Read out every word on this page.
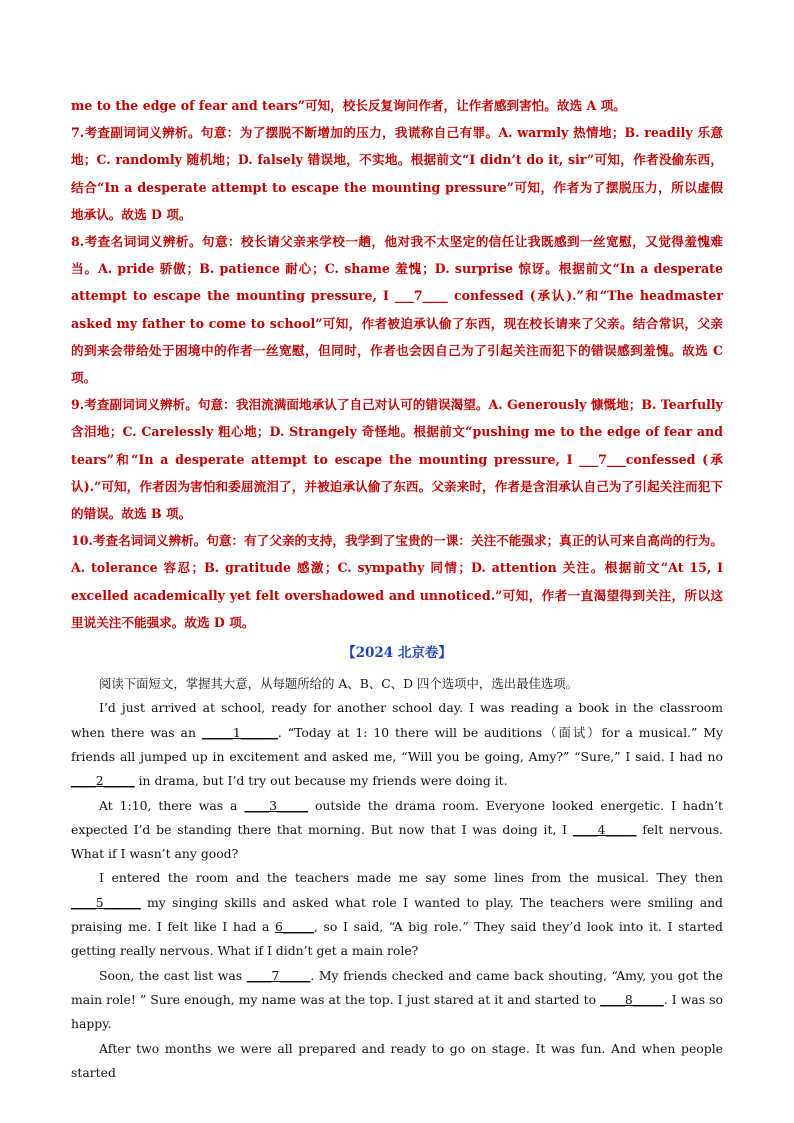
me to the edge of fear and tears”可知，校长反复询问作者，让作者感到害怕。故选 A 项。

7.考查副词词义辨析。句意：为了摆脱不断增加的压力，我谎称自己有罪。A. warmly 热情地；B. readily 乐意地；C. randomly 随机地；D. falsely 错误地，不实地。根据前文“I didn’t do it, sir”可知，作者没偷东西，结合“In a desperate attempt to escape the mounting pressure”可知，作者为了摆脱压力，所以虚假地承认。故选 D 项。

8.考查名词词义辨析。句意：校长请父亲来学校一趟，他对我不太坚定的信任让我既感到一丝宽慰，又觉得羞愧难当。A. pride 骄傲；B. patience 耐心；C. shame 羞愧；D. surprise 惊讶。根据前文“In a desperate attempt to escape the mounting pressure, I ___7____ confessed (承认).”和“The headmaster asked my father to come to school”可知，作者被迫承认偷了东西，现在校长请来了父亲。结合常识，父亲的到来会带给处于困境中的作者一丝宽慰，但同时，作者也会因自己为了引起关注而犯下的错误感到羞愧。故选 C 项。

9.考查副词词义辨析。句意：我泪流满面地承认了自己对认可的错误渴望。A. Generously 慷慨地；B. Tearfully 含泪地；C. Carelessly 粗心地；D. Strangely 奇怪地。根据前文“pushing me to the edge of fear and tears”和“In a desperate attempt to escape the mounting pressure, I ___7___confessed (承认).”可知，作者因为害怕和委屈流泪了，并被迫承认偷了东西。父亲来时，作者是含泪承认自己为了引起关注而犯下的错误。故选 B 项。

10.考查名词词义辨析。句意：有了父亲的支持，我学到了宝贵的一课：关注不能强求；真正的认可来自高尚的行为。A. tolerance 容忍；B. gratitude 感激；C. sympathy 同情；D. attention 关注。根据前文“At 15, I excelled academically yet felt overshadowed and unnoticed.”可知，作者一直渴望得到关注，所以这里说关注不能强求。故选 D 项。

【2024 北京卷】

阅读下面短文，掌握其大意，从每题所给的 A、B、C、D 四个选项中，选出最佳选项。

I’d just arrived at school, ready for another school day. I was reading a book in the classroom when there was an _____1______. “Today at 1: 10 there will be auditions（面试）for a musical.” My friends all jumped up in excitement and asked me, “Will you be going, Amy?” “Sure,” I said. I had no ____2_____ in drama, but I’d try out because my friends were doing it.

At 1:10, there was a ____3_____ outside the drama room. Everyone looked energetic. I hadn’t expected I’d be standing there that morning. But now that I was doing it, I ____4_____ felt nervous. What if I wasn’t any good?

I entered the room and the teachers made me say some lines from the musical. They then ____5______ my singing skills and asked what role I wanted to play. The teachers were smiling and praising me. I felt like I had a 6_____, so I said, “A big role.” They said they’d look into it. I started getting really nervous. What if I didn’t get a main role?

Soon, the cast list was ____7_____. My friends checked and came back shouting, “Amy, you got the main role! ” Sure enough, my name was at the top. I just stared at it and started to ____8_____. I was so happy.

After two months we were all prepared and ready to go on stage. It was fun. And when people started
